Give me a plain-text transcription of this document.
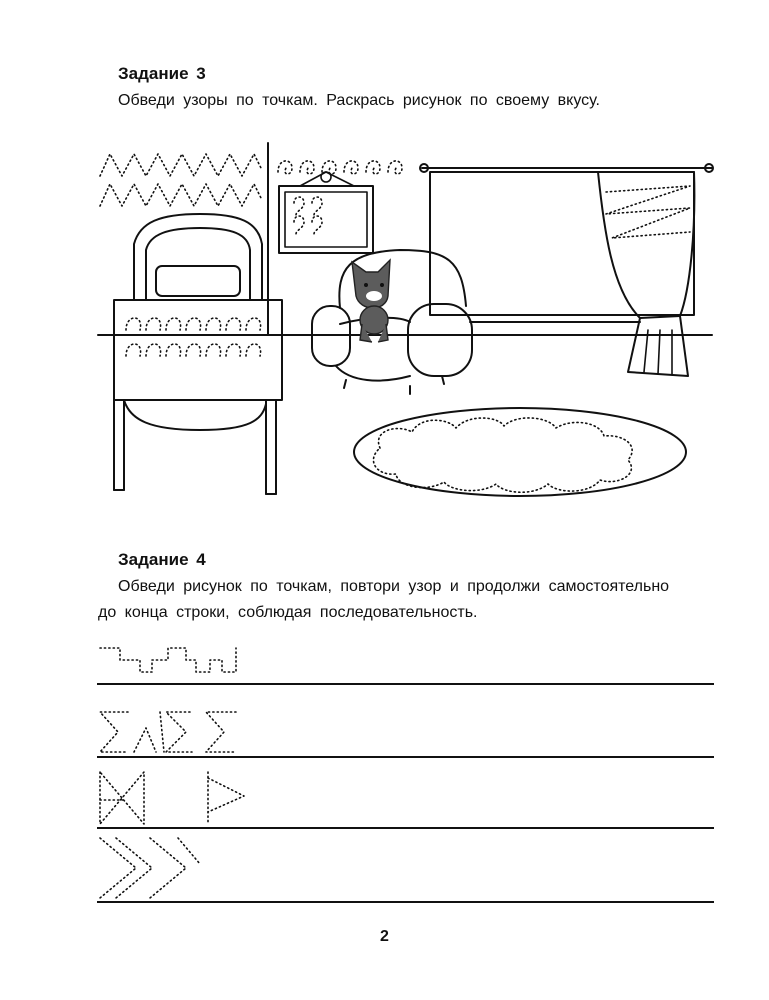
Задание 3
Обведи узоры по точкам. Раскрась рисунок по своему вкусу.
Задание 4
Обведи рисунок по точкам, повтори узор и продолжи самостоятельно
до конца строки, соблюдая последовательность.
2
